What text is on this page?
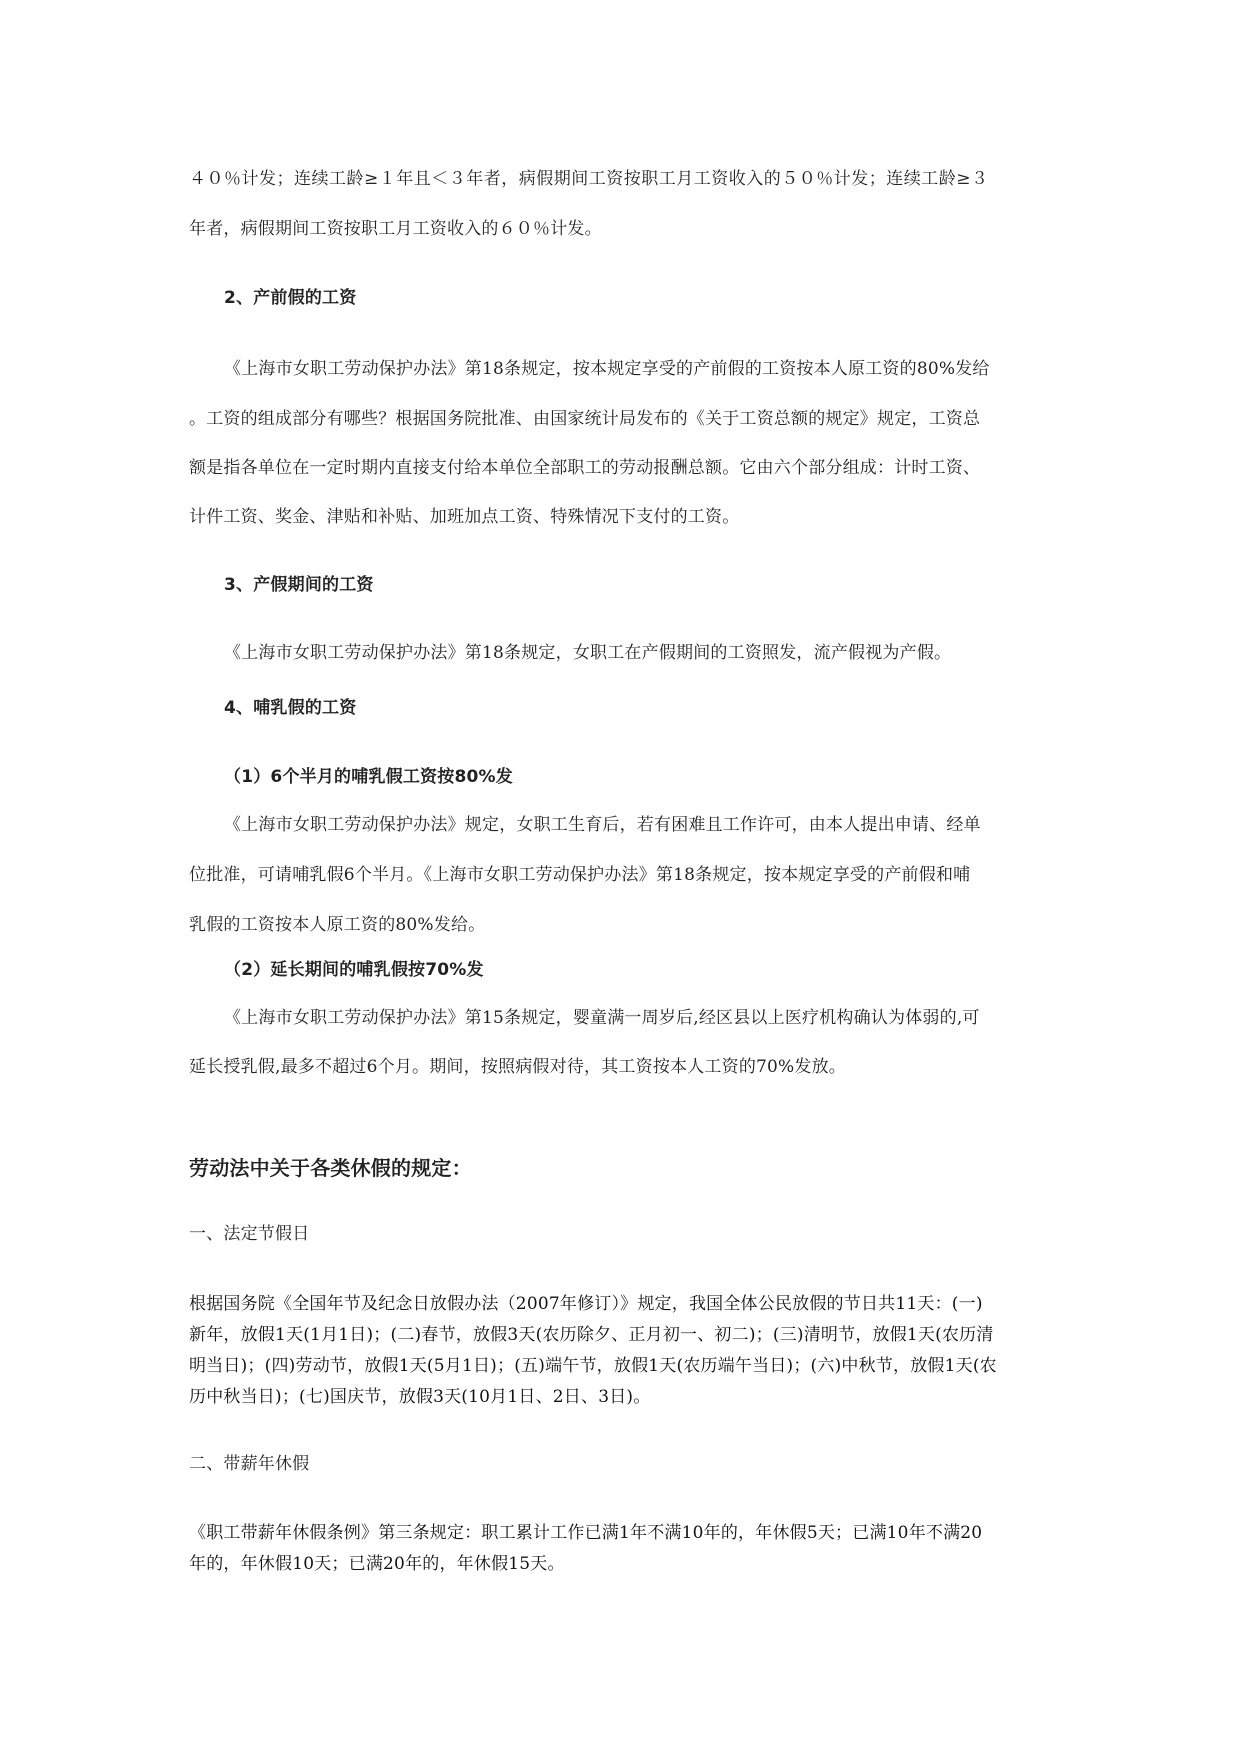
４０％计发；连续工龄≥１年且＜３年者，病假期间工资按职工月工资收入的５０％计发；连续工龄≥３
年者，病假期间工资按职工月工资收入的６０％计发。
2、产前假的工资
《上海市女职工劳动保护办法》第18条规定，按本规定享受的产前假的工资按本人原工资的80%发给
。工资的组成部分有哪些？根据国务院批准、由国家统计局发布的《关于工资总额的规定》规定，工资总
额是指各单位在一定时期内直接支付给本单位全部职工的劳动报酬总额。它由六个部分组成：计时工资、
计件工资、奖金、津贴和补贴、加班加点工资、特殊情况下支付的工资。
3、产假期间的工资
《上海市女职工劳动保护办法》第18条规定，女职工在产假期间的工资照发，流产假视为产假。
4、哺乳假的工资
（1）6个半月的哺乳假工资按80%发
《上海市女职工劳动保护办法》规定，女职工生育后，若有困难且工作许可，由本人提出申请、经单
位批准，可请哺乳假6个半月。《上海市女职工劳动保护办法》第18条规定，按本规定享受的产前假和哺
乳假的工资按本人原工资的80%发给。
（2）延长期间的哺乳假按70%发
《上海市女职工劳动保护办法》第15条规定，婴童满一周岁后,经区县以上医疗机构确认为体弱的,可
延长授乳假,最多不超过6个月。期间，按照病假对待，其工资按本人工资的70%发放。
劳动法中关于各类休假的规定：
一、法定节假日
根据国务院《全国年节及纪念日放假办法（2007年修订）》规定，我国全体公民放假的节日共11天：(一)
新年，放假1天(1月1日)；(二)春节，放假3天(农历除夕、正月初一、初二)；(三)清明节，放假1天(农历清
明当日)；(四)劳动节，放假1天(5月1日)；(五)端午节，放假1天(农历端午当日)；(六)中秋节，放假1天(农
历中秋当日)；(七)国庆节，放假3天(10月1日、2日、3日)。
二、带薪年休假
《职工带薪年休假条例》第三条规定：职工累计工作已满1年不满10年的，年休假5天；已满10年不满20
年的，年休假10天；已满20年的，年休假15天。
